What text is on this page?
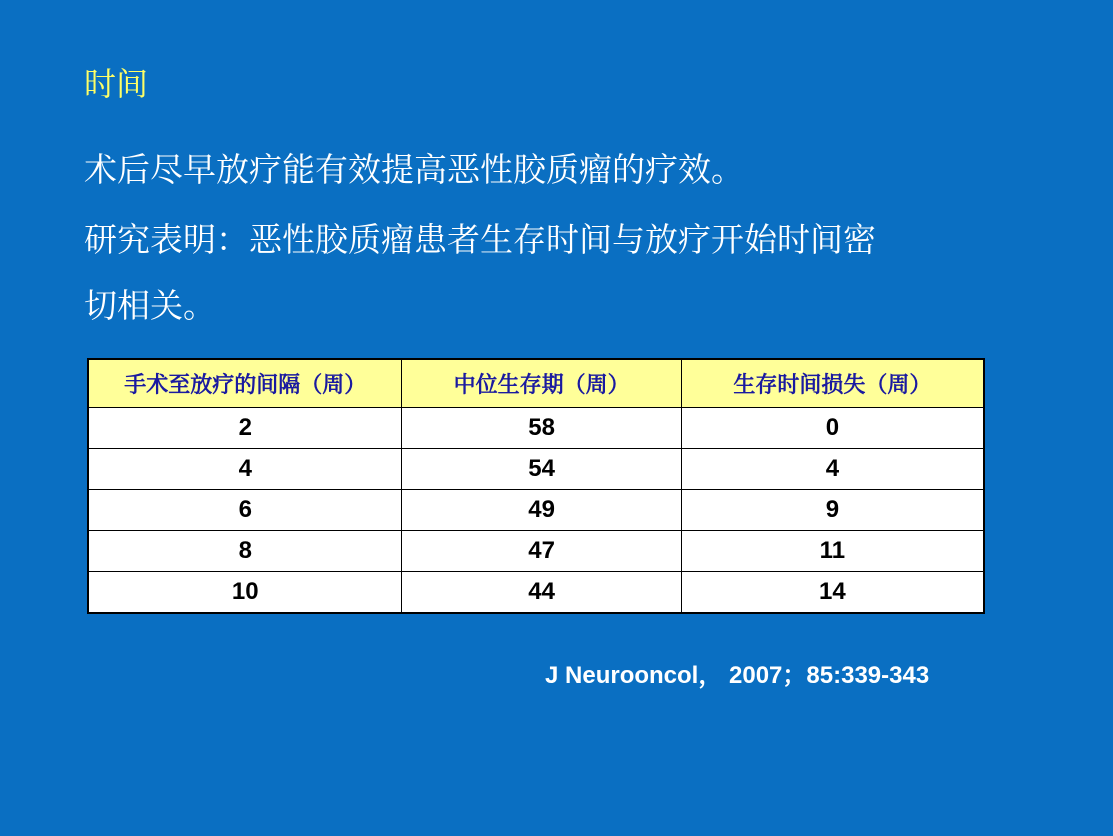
时间
术后尽早放疗能有效提高恶性胶质瘤的疗效。
研究表明：恶性胶质瘤患者生存时间与放疗开始时间密
切相关。
手术至放疗的间隔（周）	中位生存期（周）	生存时间损失（周）
2	58	0
4	54	4
6	49	9
8	47	11
10	44	14
J Neurooncol， 2007；85:339-343
